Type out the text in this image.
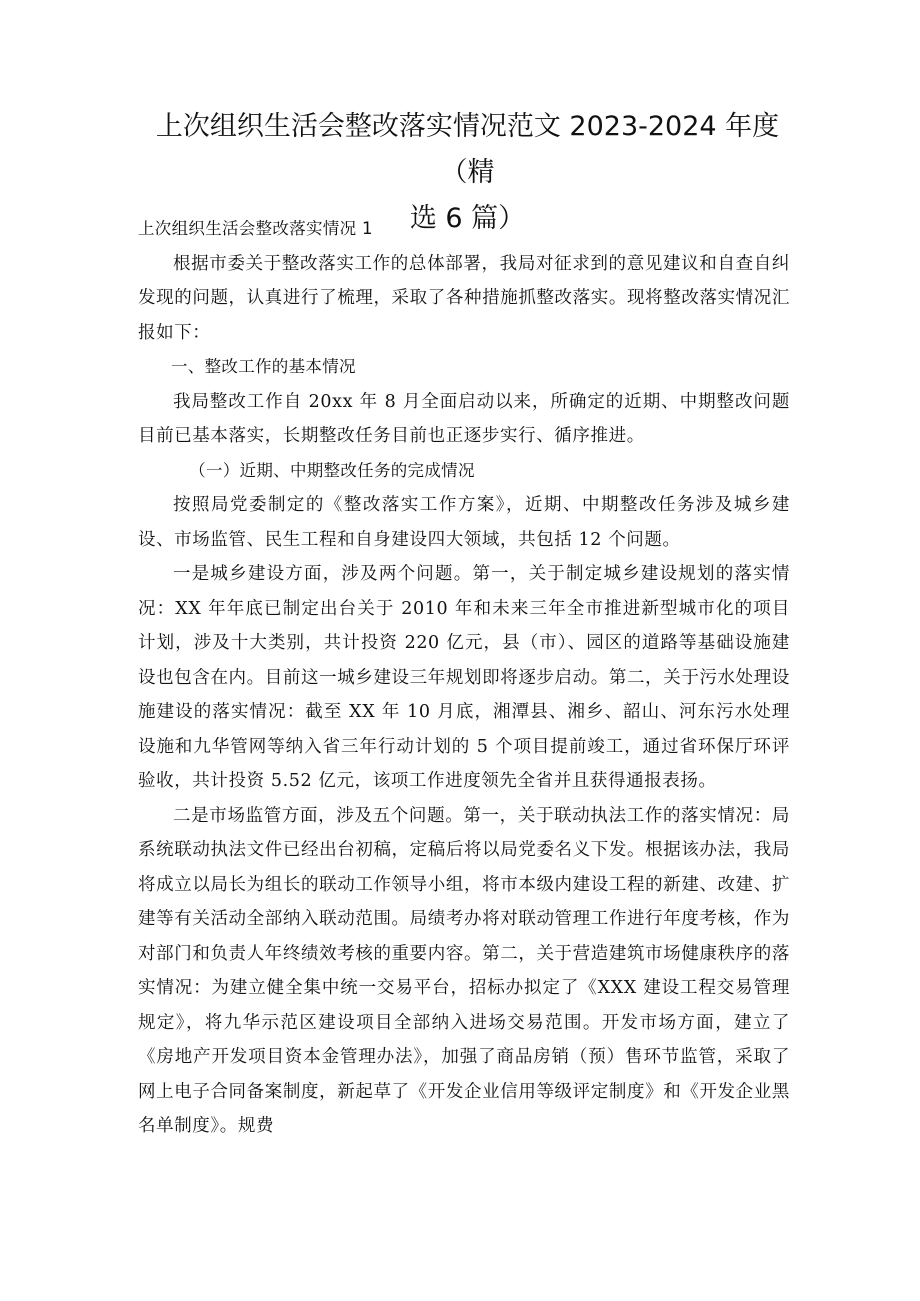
上次组织生活会整改落实情况范文 2023-2024 年度（精
选 6 篇）

上次组织生活会整改落实情况 1

根据市委关于整改落实工作的总体部署，我局对征求到的意见建议和自查自纠发现的问题，认真进行了梳理，采取了各种措施抓整改落实。现将整改落实情况汇报如下：

一、整改工作的基本情况

我局整改工作自 20xx 年 8 月全面启动以来，所确定的近期、中期整改问题目前已基本落实，长期整改任务目前也正逐步实行、循序推进。

（一）近期、中期整改任务的完成情况

按照局党委制定的《整改落实工作方案》，近期、中期整改任务涉及城乡建设、市场监管、民生工程和自身建设四大领域，共包括 12 个问题。

一是城乡建设方面，涉及两个问题。第一，关于制定城乡建设规划的落实情况：XX 年年底已制定出台关于 2010 年和未来三年全市推进新型城市化的项目计划，涉及十大类别，共计投资 220 亿元，县（市）、园区的道路等基础设施建设也包含在内。目前这一城乡建设三年规划即将逐步启动。第二，关于污水处理设施建设的落实情况：截至 XX 年 10 月底，湘潭县、湘乡、韶山、河东污水处理设施和九华管网等纳入省三年行动计划的 5 个项目提前竣工，通过省环保厅环评验收，共计投资 5.52 亿元，该项工作进度领先全省并且获得通报表扬。

二是市场监管方面，涉及五个问题。第一，关于联动执法工作的落实情况：局系统联动执法文件已经出台初稿，定稿后将以局党委名义下发。根据该办法，我局将成立以局长为组长的联动工作领导小组，将市本级内建设工程的新建、改建、扩建等有关活动全部纳入联动范围。局绩考办将对联动管理工作进行年度考核，作为对部门和负责人年终绩效考核的重要内容。第二，关于营造建筑市场健康秩序的落实情况：为建立健全集中统一交易平台，招标办拟定了《XXX 建设工程交易管理规定》，将九华示范区建设项目全部纳入进场交易范围。开发市场方面，建立了《房地产开发项目资本金管理办法》，加强了商品房销（预）售环节监管，采取了网上电子合同备案制度，新起草了《开发企业信用等级评定制度》和《开发企业黑名单制度》。规费
